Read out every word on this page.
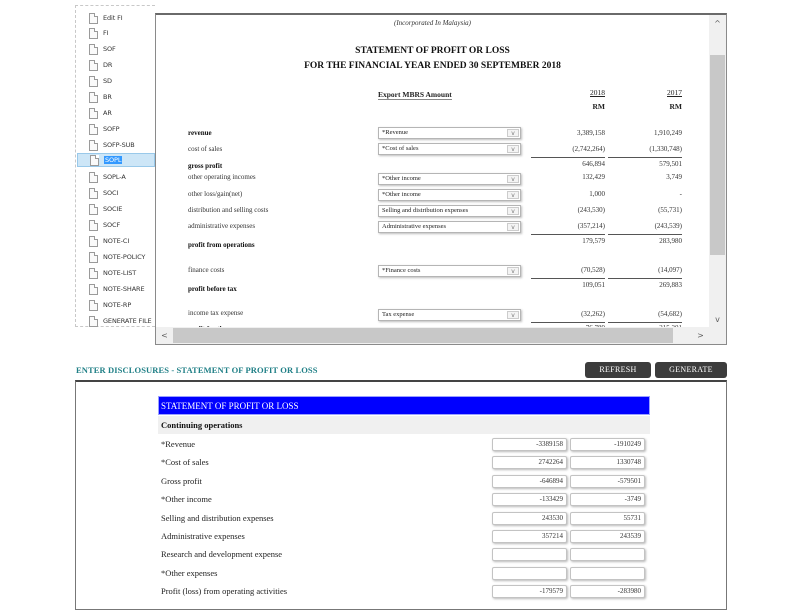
Edit FI
FI
SOF
DR
SD
BR
AR
SOFP
SOFP-SUB
SOPL
SOPL-A
SOCI
SOCIE
SOCF
NOTE-CI
NOTE-POLICY
NOTE-LIST
NOTE-SHARE
NOTE-RP
GENERATE FILE
(Incorporated In Malaysia)
STATEMENT OF PROFIT OR LOSS
FOR THE FINANCIAL YEAR ENDED 30 SEPTEMBER 2018
Export MBRS Amount	2018	2017
RM	RM
revenue	*Revenue	v	3,389,158	1,910,249
cost of sales	*Cost of sales	v	(2,742,264)	(1,330,748)
gross profit	646,894	579,501
other operating incomes	*Other income	v	132,429	3,749
other loss/gain(net)	*Other income	v	1,000	-
distribution and selling costs	Selling and distribution expenses	v	(243,530)	(55,731)
administrative expenses	Administrative expenses	v	(357,214)	(243,539)
profit from operations	179,579	283,980
finance costs	*Finance costs	v	(70,528)	(14,097)
profit before tax	109,051	269,883
income tax expense	Tax expense	v	(32,262)	(54,682)
^
v
<	>
ENTER DISCLOSURES - STATEMENT OF PROFIT OR LOSS	REFRESH	GENERATE
STATEMENT OF PROFIT OR LOSS
Continuing operations
*Revenue	-3389158	-1910249
*Cost of sales	2742264	1330748
Gross profit	-646894	-579501
*Other income	-133429	-3749
Selling and distribution expenses	243530	55731
Administrative expenses	357214	243539
Research and development expense
*Other expenses
Profit (loss) from operating activities	-179579	-283980
